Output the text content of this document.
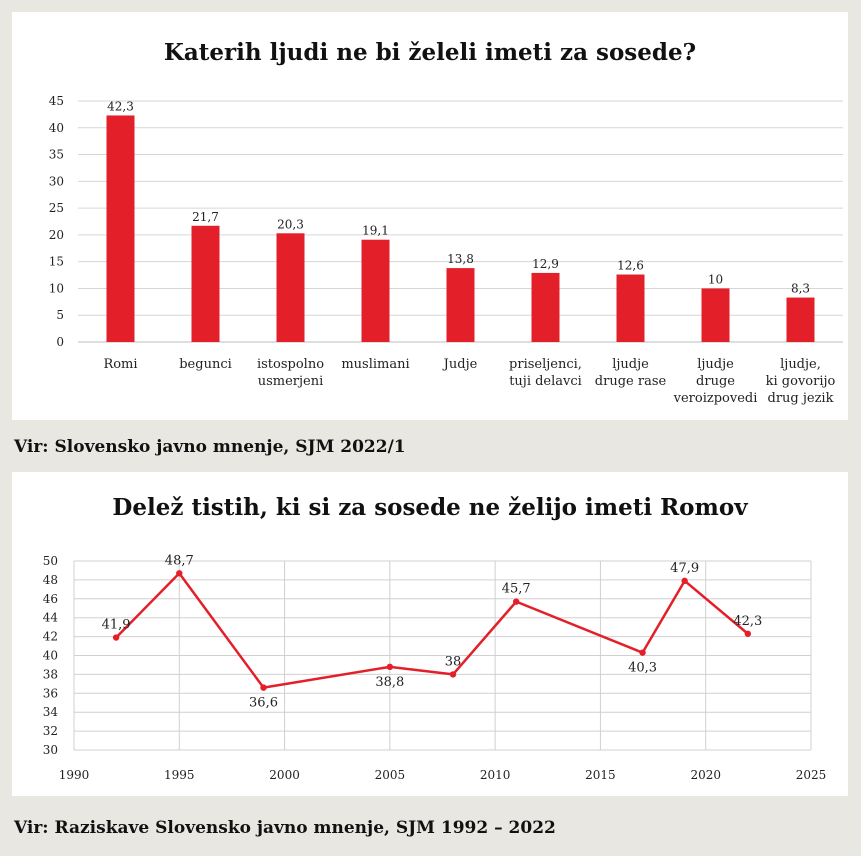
Katerih ljudi ne bi želeli imeti za sosede?
Vir: Slovensko javno mnenje, SJM 2022/1
Delež tistih, ki si za sosede ne želijo imeti Romov
Vir: Raziskave Slovensko javno mnenje, SJM 1992 – 2022
0
5
10
15
20
25
30
35
40
45	42,3
Romi
21,7
begunci
20,3
istospolno usmerjeni
19,1
muslimani
13,8
Judje
12,9
priseljenci, tuji delavci
12,6
ljudje druge rase
10
ljudje druge veroizpovedi
8,3
ljudje, ki govorijo drug jezik
30
32
34
36
38
40
42
44
46
48
50
1990	1995	2000	2005	2010	2015	2020	2025
41,9
48,7
36,6
38,8
38
45,7
40,3
47,9
42,3
